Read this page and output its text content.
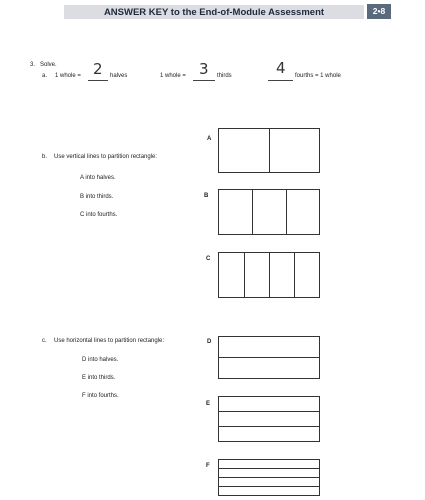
ANSWER KEY to the End-of-Module Assessment	2•8
3. Solve.
a. 1 whole = 2 halves	1 whole = 3 thirds	4 fourths = 1 whole
b. Use vertical lines to partition rectangle:
A into halves.
B into thirds.
C into fourths.
A
B
C
c. Use horizontal lines to partition rectangle:
D into halves.
E into thirds.
F into fourths.
D
E
F
